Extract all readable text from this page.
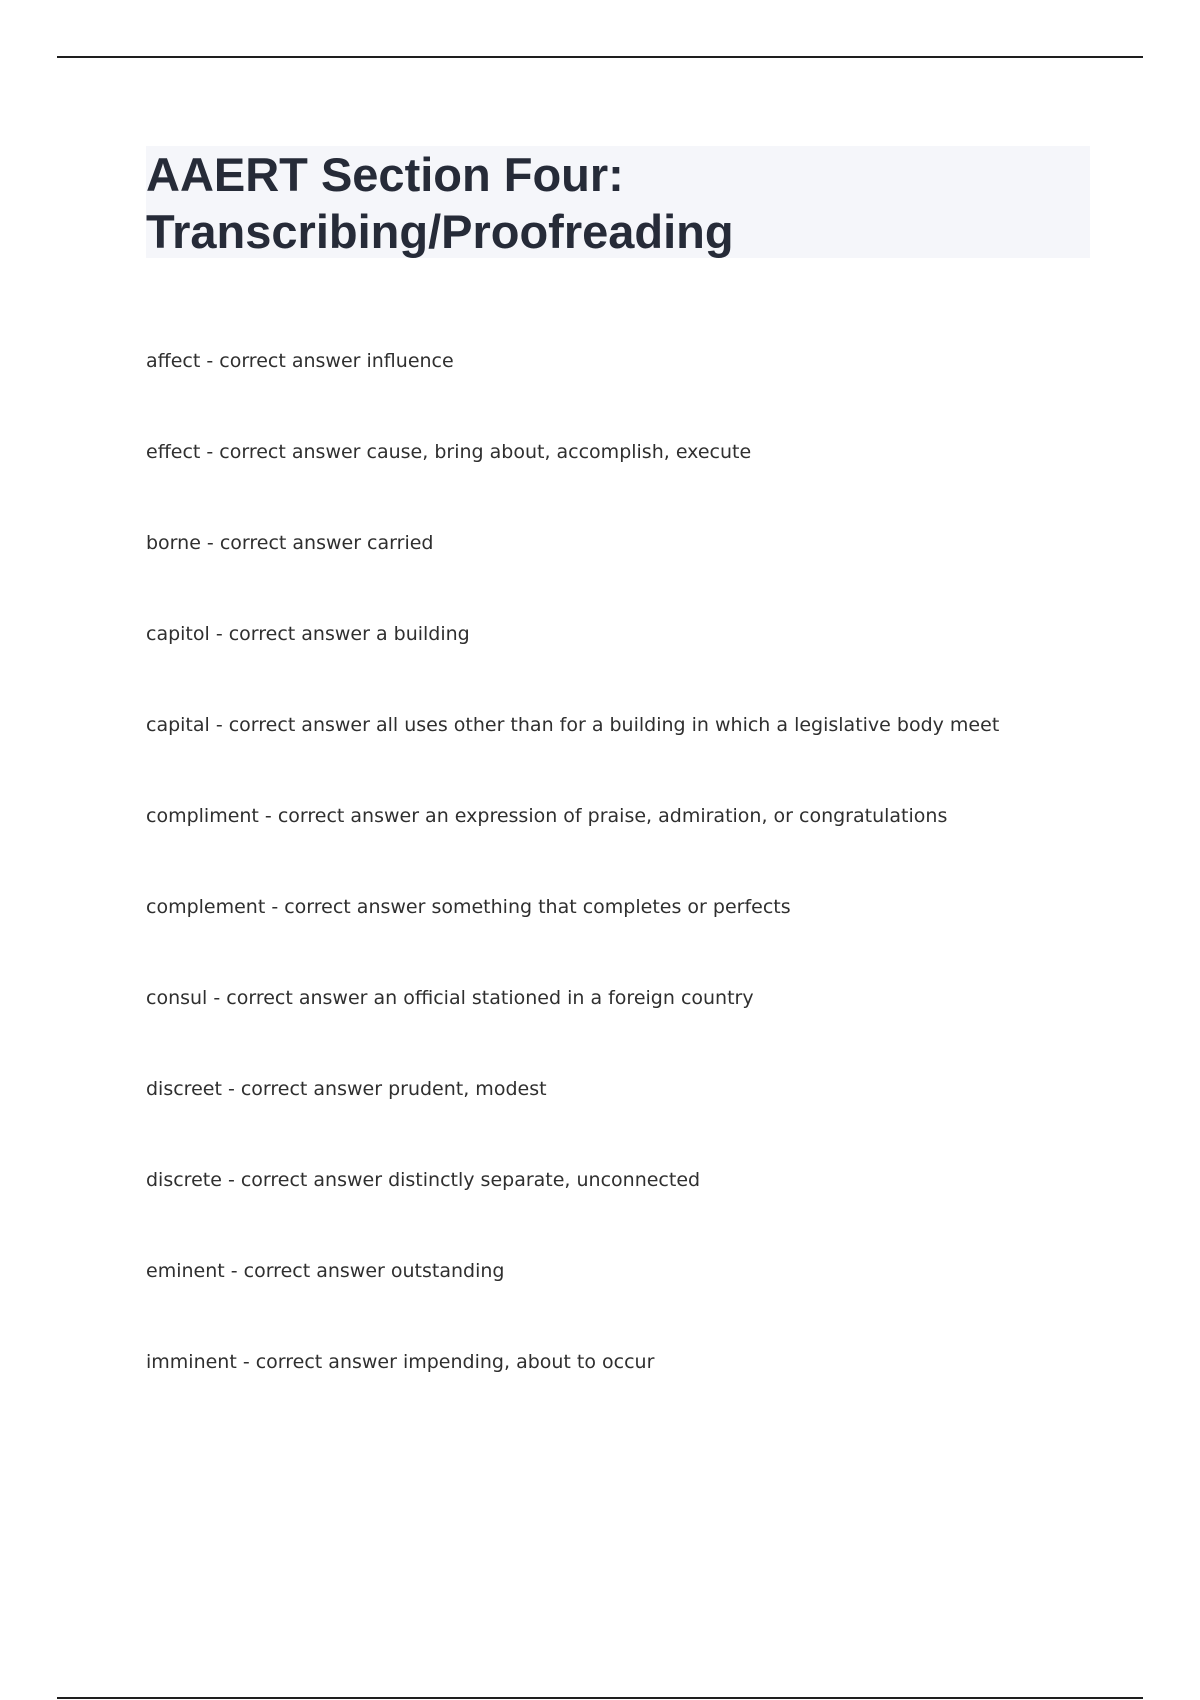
AAERT Section Four: Transcribing/Proofreading
affect - correct answer influence
effect - correct answer cause, bring about, accomplish, execute
borne - correct answer carried
capitol - correct answer a building
capital - correct answer all uses other than for a building in which a legislative body meet
compliment - correct answer an expression of praise, admiration, or congratulations
complement - correct answer something that completes or perfects
consul - correct answer an official stationed in a foreign country
discreet - correct answer prudent, modest
discrete - correct answer distinctly separate, unconnected
eminent - correct answer outstanding
imminent - correct answer impending, about to occur
